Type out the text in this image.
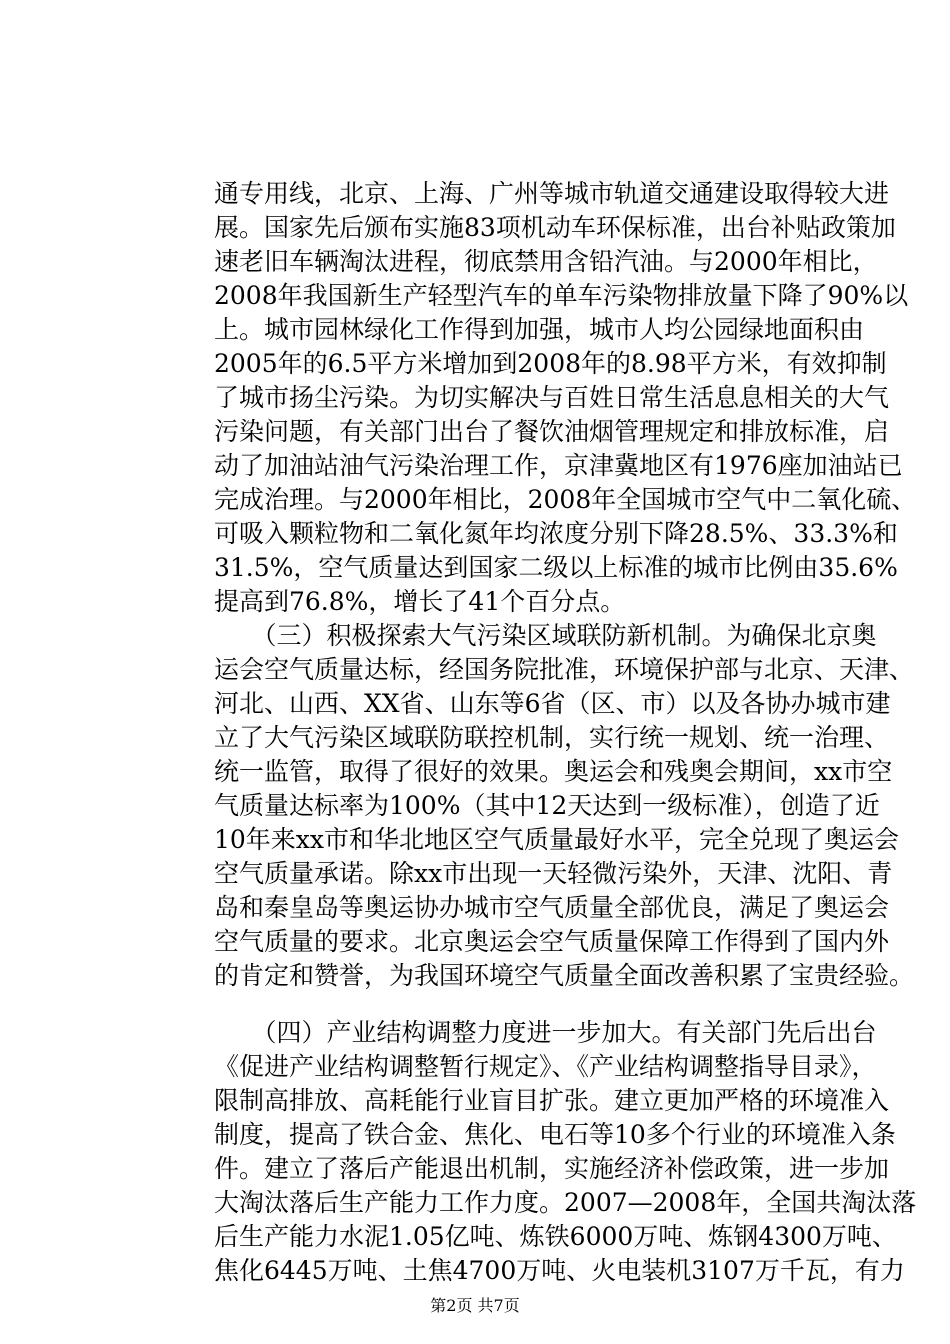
通专用线，北京、上海、广州等城市轨道交通建设取得较大进
展。国家先后颁布实施83项机动车环保标准，出台补贴政策加
速老旧车辆淘汰进程，彻底禁用含铅汽油。与2000年相比，
2008年我国新生产轻型汽车的单车污染物排放量下降了90%以
上。城市园林绿化工作得到加强，城市人均公园绿地面积由
2005年的6.5平方米增加到2008年的8.98平方米，有效抑制
了城市扬尘污染。为切实解决与百姓日常生活息息相关的大气
污染问题，有关部门出台了餐饮油烟管理规定和排放标准，启
动了加油站油气污染治理工作，京津冀地区有1976座加油站已
完成治理。与2000年相比，2008年全国城市空气中二氧化硫、
可吸入颗粒物和二氧化氮年均浓度分别下降28.5%、33.3%和
31.5%，空气质量达到国家二级以上标准的城市比例由35.6%
提高到76.8%，增长了41个百分点。
　　（三）积极探索大气污染区域联防新机制。为确保北京奥
运会空气质量达标，经国务院批准，环境保护部与北京、天津、
河北、山西、XX省、山东等6省（区、市）以及各协办城市建
立了大气污染区域联防联控机制，实行统一规划、统一治理、
统一监管，取得了很好的效果。奥运会和残奥会期间，xx市空
气质量达标率为100%（其中12天达到一级标准），创造了近
10年来xx市和华北地区空气质量最好水平，完全兑现了奥运会
空气质量承诺。除xx市出现一天轻微污染外，天津、沈阳、青
岛和秦皇岛等奥运协办城市空气质量全部优良，满足了奥运会
空气质量的要求。北京奥运会空气质量保障工作得到了国内外
的肯定和赞誉，为我国环境空气质量全面改善积累了宝贵经验。
　　（四）产业结构调整力度进一步加大。有关部门先后出台
《促进产业结构调整暂行规定》、《产业结构调整指导目录》，
限制高排放、高耗能行业盲目扩张。建立更加严格的环境准入
制度，提高了铁合金、焦化、电石等10多个行业的环境准入条
件。建立了落后产能退出机制，实施经济补偿政策，进一步加
大淘汰落后生产能力工作力度。2007—2008年，全国共淘汰落
后生产能力水泥1.05亿吨、炼铁6000万吨、炼钢4300万吨、
焦化6445万吨、土焦4700万吨、火电装机3107万千瓦，有力
第2页 共7页
